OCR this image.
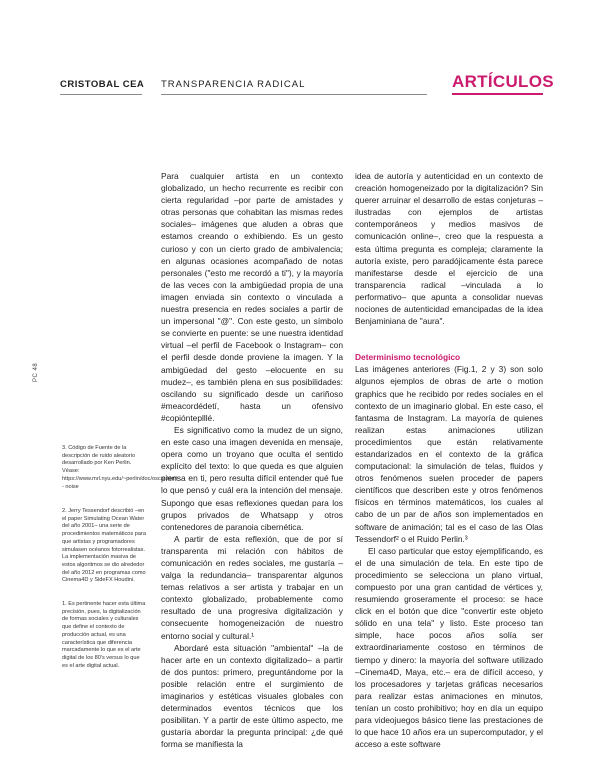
CRISTOBAL CEA TRANSPARENCIA RADICAL	ARTÍCULOS
PC 48

3. Código de Fuente de la descripción de ruido aleatorio desarrollado por Ken Perlin. Véase: https://www.mrl.nyu.edu/~perlin/doc/oscar.html - noise

2. Jerry Tessendorf describió –en el paper Simulating Ocean Water del año 2001– una serie de procedimientos matemáticos para que artistas y programadores simulasen océanos fotorrealistas. La implementación masiva de estos algoritmos se dio alrededor del año 2012 en programas como Cinema4D y SideFX Houdini.

1. Es pertinente hacer esta última precisión, pues, la digitalización de formas sociales y culturales que define el contexto de producción actual, es una característica que diferencia marcadamente lo que es el arte digital de los 80's versus lo que es el arte digital actual.

Para cualquier artista en un contexto globalizado, un hecho recurrente es recibir con cierta regularidad –por parte de amistades y otras personas que cohabitan las mismas redes sociales– imágenes que aluden a obras que estamos creando o exhibiendo. Es un gesto curioso y con un cierto grado de ambivalencia; en algunas ocasiones acompañado de notas personales ("esto me recordó a ti"), y la mayoría de las veces con la ambigüedad propia de una imagen enviada sin contexto o vinculada a nuestra presencia en redes sociales a partir de un impersonal "@". Con este gesto, un símbolo se convierte en puente: se une nuestra identidad virtual –el perfil de Facebook o Instagram– con el perfil desde donde proviene la imagen. Y la ambigüedad del gesto –elocuente en su mudez–, es también plena en sus posibilidades: oscilando su significado desde un cariñoso #meacordédetí, hasta un ofensivo #copiónteplllé.

Es significativo como la mudez de un signo, en este caso una imagen devenida en mensaje, opera como un troyano que oculta el sentido explícito del texto: lo que queda es que alguien piensa en ti, pero resulta difícil entender qué fue lo que pensó y cuál era la intención del mensaje. Supongo que esas reflexiones quedan para los grupos privados de Whatsapp y otros contenedores de paranoia cibernética.

A partir de esta reflexión, que de por sí transparenta mi relación con hábitos de comunicación en redes sociales, me gustaría –valga la redundancia– transparentar algunos temas relativos a ser artista y trabajar en un contexto globalizado, probablemente como resultado de una progresiva digitalización y consecuente homogeneización de nuestro entorno social y cultural.¹

Abordaré esta situación "ambiental" –la de hacer arte en un contexto digitalizado– a partir de dos puntos: primero, preguntándome por la posible relación entre el surgimiento de imaginarios y estéticas visuales globales con determinados eventos técnicos que los posibilitan. Y a partir de este último aspecto, me gustaría abordar la pregunta principal: ¿de qué forma se manifiesta la

idea de autoría y autenticidad en un contexto de creación homogeneizado por la digitalización? Sin querer arruinar el desarrollo de estas conjeturas –ilustradas con ejemplos de artistas contemporáneos y medios masivos de comunicación online–, creo que la respuesta a esta última pregunta es compleja; claramente la autoría existe, pero paradójicamente ésta parece manifestarse desde el ejercicio de una transparencia radical –vinculada a lo performativo– que apunta a consolidar nuevas nociones de autenticidad emancipadas de la idea Benjaminiana de "aura".

Determinismo tecnológico

Las imágenes anteriores (Fig.1, 2 y 3) son solo algunos ejemplos de obras de arte o motion graphics que he recibido por redes sociales en el contexto de un imaginario global. En este caso, el fantasma de Instagram. La mayoría de quienes realizan estas animaciones utilizan procedimientos que están relativamente estandarizados en el contexto de la gráfica computacional: la simulación de telas, fluidos y otros fenómenos suelen proceder de papers científicos que describen este y otros fenómenos físicos en términos matemáticos, los cuales al cabo de un par de años son implementados en software de animación; tal es el caso de las Olas Tessendorf² o el Ruido Perlin.³

El caso particular que estoy ejemplificando, es el de una simulación de tela. En este tipo de procedimiento se selecciona un plano virtual, compuesto por una gran cantidad de vértices y, resumiendo groseramente el proceso: se hace click en el botón que dice "convertir este objeto sólido en una tela" y listo. Este proceso tan simple, hace pocos años solía ser extraordinariamente costoso en términos de tiempo y dinero: la mayoría del software utilizado –Cinema4D, Maya, etc.– era de difícil acceso, y los procesadores y tarjetas gráficas necesarios para realizar estas animaciones en minutos, tenían un costo prohibitivo; hoy en día un equipo para videojuegos básico tiene las prestaciones de lo que hace 10 años era un supercomputador, y el acceso a este software
